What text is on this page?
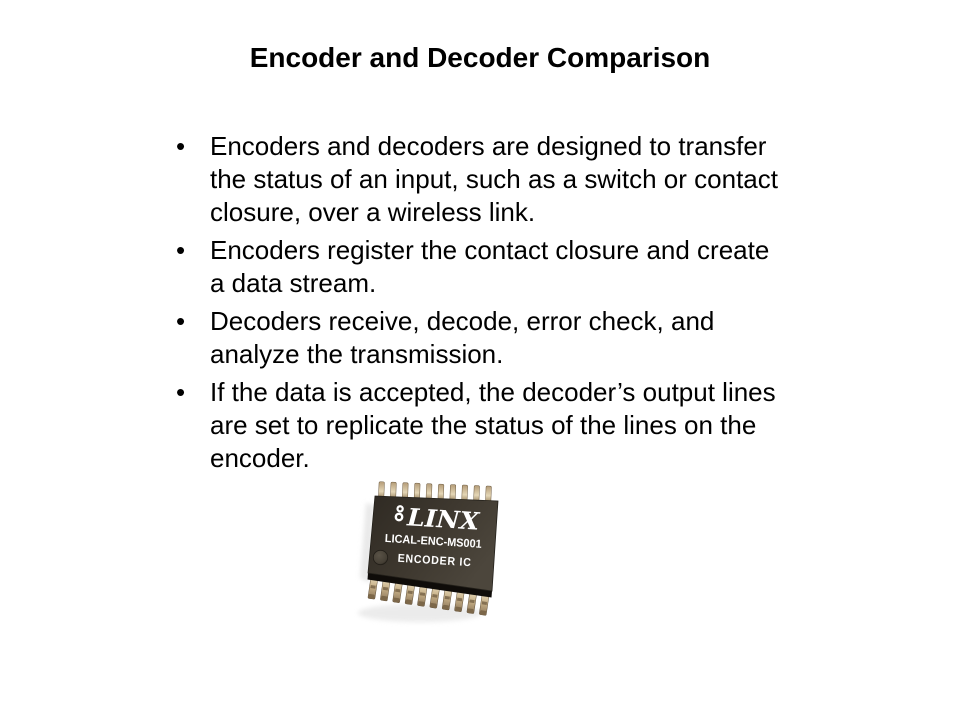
Encoder and Decoder Comparison
• Encoders and decoders are designed to transfer
the status of an input, such as a switch or contact
closure, over a wireless link.
• Encoders register the contact closure and create
a data stream.
• Decoders receive, decode, error check, and
analyze the transmission.
• If the data is accepted, the decoder’s output lines
are set to replicate the status of the lines on the
encoder.
LINX
LICAL-ENC-MS001
ENCODER IC
